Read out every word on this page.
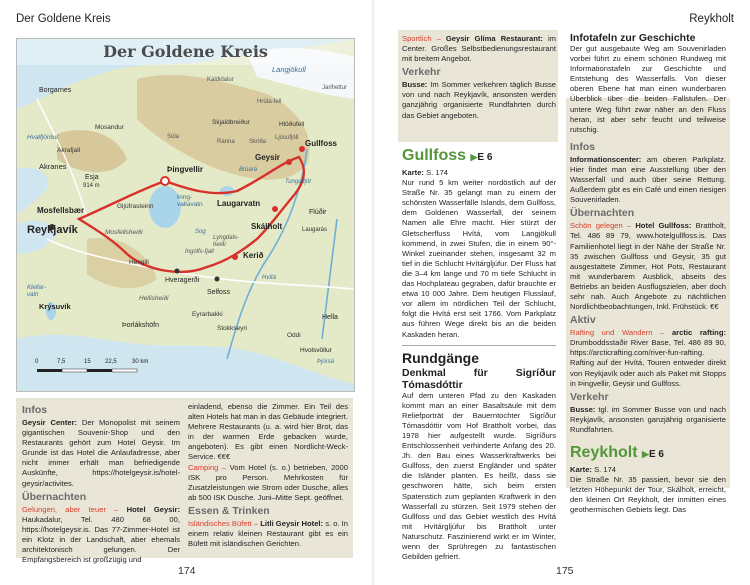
Der Goldene Kreis
Der Goldene Kreis
Borgarnes
Langjökull
Kaldidalur
Jarlhettur
Hvalfjörður
Skjaldbreiður	Hlöðufell
Mosandur
Gullfoss
Geysir
Akranes
Akrafjall
Þingvellir
Þing-vallavatn
Esja
914 m
Laugarvatn
Skálholt
Flúðir
Mosfellsbær
Reykjavík
Gljúfrasteinn
Mosfellsheiði
Kerið
Hveragerði
Selfoss
Hengill
Hellisheiði
Krýsuvík
Eyrarbakki
Stokkseyri
Þorlákshöfn
Hella
Oddi
Hvolsvöllur
Þjórsá
Lyngdals-heiði
Ingólfs-fjall
Kleifar-vatn
Laugarás
Hvítá
Sog
Brúará
Tungufljót
Ljósufjöll
Hrúta-fell
Súla
Skriða
Ranna
0	7,5	15 22,5	30 km
Infos

Geysir Center: Der Monopolist mit seinem gigantischen Souvenir-Shop und den Restaurants gehört zum Hotel Geysir. Im Grunde ist das Hotel die Anlaufadresse, aber nicht immer erhält man befriedigende Auskünfte, https://hotelgeysir.is/hotel-geysir/activites.

Übernachten

Gelungen, aber teuer – Hotel Geysir: Haukadalur, Tel. 480 68 00, https://hotelgeysir.is. Das 77-Zimmer-Hotel ist ein Klotz in der Landschaft, aber ehemals architektonisch gelungen. Der Empfangsbereich ist großzügig und

einladend, ebenso die Zimmer. Ein Teil des alten Hotels hat man in das Gebäude integriert. Mehrere Restaurants (u. a. wird hier Brot, das in der warmen Erde gebacken wurde, angeboten). Es gibt einen Nordlicht-Weck-Service. €€€

Camping – Vom Hotel (s. o.) betrieben, 2000 ISK pro Person. Mehrkosten für Zusatzleistungen wie Strom oder Dusche, alles ab 500 ISK Dusche. Juni–Mitte Sept. geöffnet.

Essen & Trinken

Isländisches Büfett – Litli Geysir Hotel: s. o. In einem relativ kleinen Restaurant gibt es ein Büfett mit isländischen Gerichten.

174
Reykholt

Sportlich – Geysir Glíma Restaurant: im Center. Großes Selbstbedienungsrestaurant mit breitem Angebot.

Verkehr

Busse: Im Sommer verkehren täglich Busse von und nach Reykjavík, ansonsten werden ganzjährig organisierte Rundfahrten durch das Gebiet angeboten.

Gullfoss ▶E 6

Karte: S. 174

Nur rund 5 km weiter nordöstlich auf der Straße Nr. 35 gelangt man zu einem der schönsten Wasserfälle Islands, dem Gullfoss, dem Goldenen Wasserfall, der seinem Namen alle Ehre macht. Hier stürzt der Gletscherfluss Hvítá, vom Langjökull kommend, in zwei Stufen, die in einem 90°-Winkel zueinander stehen, insgesamt 32 m tief in die Schlucht Hvítárgljúfur. Der Fluss hat die 3–4 km lange und 70 m tiefe Schlucht in das Hochplateau gegraben, dafür brauchte er etwa 10 000 Jahre. Dem heutigen Flusslauf, vor allem im nördlichen Teil der Schlucht, folgt die Hvítá erst seit 1766. Vom Parkplatz aus führen Wege direkt bis an die beiden Kaskaden heran.

Rundgänge
Denkmal für Sigríður Tómasdóttir

Auf dem unteren Pfad zu den Kaskaden kommt man an einer Basaltsäule mit dem Reliefporträt der Bauerntochter Sigríður Tómasdóttir vom Hof Brattholt vorbei, das 1978 hier aufgestellt wurde. Sigríðurs Entschlossenheit verhinderte Anfang des 20. Jh. den Bau eines Wasserkraftwerks bei Gullfoss, den zuerst Engländer und später die Isländer planten. Es heißt, dass sie geschworen hätte, sich beim ersten Spatenstich zum geplanten Kraftwerk in den Wasserfall zu stürzen. Seit 1979 stehen der Gullfoss und das Gebiet westlich des Hvítá mit Hvítárgljúfur bis Brattholt unter Naturschutz. Faszinierend wirkt er im Winter, wenn der Sprühregen zu fantastischen Gebilden gefriert.

Infotafeln zur Geschichte

Der gut ausgebaute Weg am Souvenirladen vorbei führt zu einem schönen Rundweg mit Informationstafeln zur Geschichte und Entstehung des Wasserfalls. Von dieser oberen Ebene hat man einen wunderbaren Überblick über die beiden Fallstufen. Der untere Weg führt zwar näher an den Fluss heran, ist aber sehr feucht und teilweise rutschig.

Infos

Informationscenter: am oberen Parkplatz. Hier findet man eine Ausstellung über den Wasserfall und auch über seine Rettung. Außerdem gibt es ein Café und einen riesigen Souvenirladen.

Übernachten

Schön gelegen – Hotel Gullfoss: Brattholt, Tel. 486 89 79, www.hotelgullfoss.is. Das Familienhotel liegt in der Nähe der Straße Nr. 35 zwischen Gullfoss und Geysir, 35 gut ausgestattete Zimmer, Hot Pots, Restaurant mit wunderbarem Ausblick, abseits des Betriebs an beiden Ausflugszielen, aber doch sehr nah. Auch Angebote zu nächtlichen Nordlichtbeobachtungen, Inkl. Frühstück. €€

Aktiv

Rafting und Wandern – arctic rafting: Drumboddsstaðir River Base, Tel. 486 89 90, https://arcticrafting.com/river-fun-rafting. Rafting auf der Hvítá, Touren entweder direkt von Reykjavík oder auch als Paket mit Stopps in Þingvellir, Geysir und Gullfoss.

Verkehr

Busse: tgl. im Sommer Busse von und nach Reykjavík, ansonsten ganzjährig organisierte Rundfahrten.

Reykholt ▶E 6

Karte: S. 174

Die Straße Nr. 35 passiert, bevor sie den letzten Höhepunkt der Tour, Skálholt, erreicht, den kleinen Ort Reykholt, der inmitten eines geothermischen Gebiets liegt. Das

175
